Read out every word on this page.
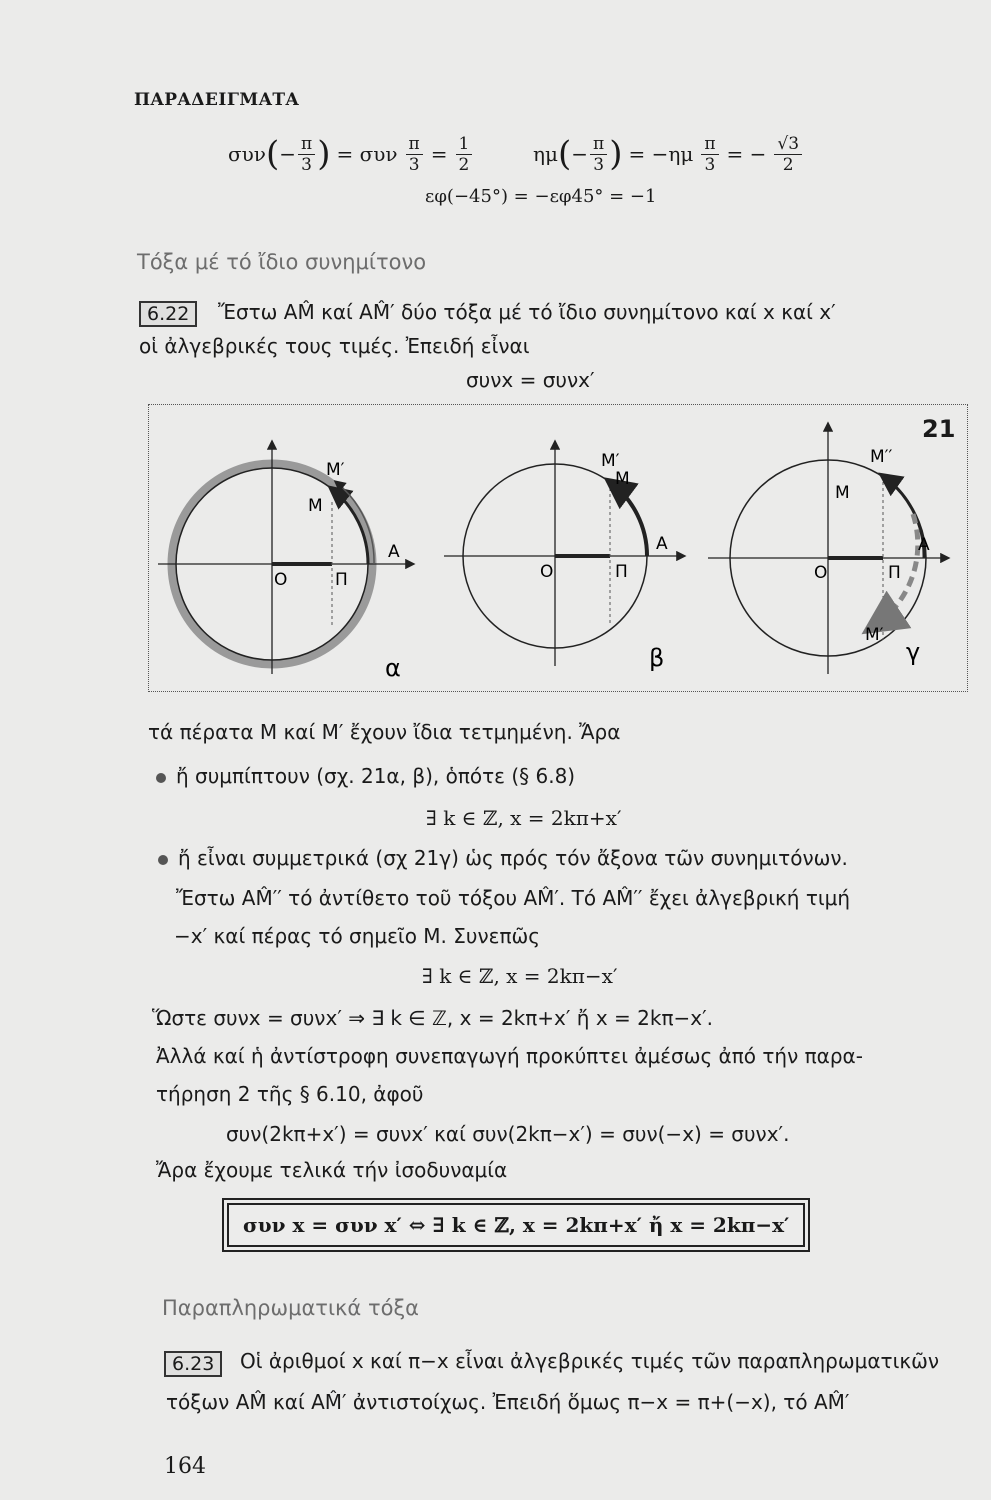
ΠΑΡΑΔΕΙΓΜΑΤΑ
συν ( − $\frac{\pi}{3}$ ) = συν $\frac{\pi}{3} = \frac{1}{2}$	ημ ( − $\frac{\pi}{3}$ ) = $-\eta\mu \frac{\pi}{3}$ = − $\frac{√3}{2}$
εφ(−45°) = −εφ45° = −1
Τόξα μέ τό ἴδιο συνημίτονο
6.22	Ἔστω AM̂ καί AM̂′ δύο τόξα μέ τό ἴδιο συνημίτονο καί x καί x′
οἱ ἀλγεβρικές τους τιμές. Ἐπειδή εἶναι
συνx = συνx′
21
O	Π
A
M
M′
α
O	Π
A
M′
M
β
O	Π
A
M
M′′
M′
γ
τά πέρατα M καί M′ ἔχουν ἴδια τετμημένη. Ἄρα
ἤ συμπίπτουν (σχ. 21α, β), ὁπότε (§ 6.8)
∃ k ∈ ℤ, x = 2kπ+x′
ἤ εἶναι συμμετρικά (σχ 21γ) ὡς πρός τόν ἄξονα τῶν συνημιτόνων.
Ἔστω AM̂′′ τό ἀντίθετο τοῦ τόξου AM̂′. Τό AM̂′′ ἔχει ἀλγεβρική τιμή
−x′ καί πέρας τό σημεῖο M. Συνεπῶς
∃ k ∈ ℤ, x = 2kπ−x′
Ὥστε συνx = συνx′ ⇒ ∃ k ∈ ℤ, x = 2kπ+x′ ἤ x = 2kπ−x′.
Ἀλλά καί ἡ ἀντίστροφη συνεπαγωγή προκύπτει ἀμέσως ἀπό τήν παρα-
τήρηση 2 τῆς § 6.10, ἀφοῦ
συν(2kπ+x′) = συνx′ καί συν(2kπ−x′) = συν(−x) = συνx′.
Ἄρα ἔχουμε τελικά τήν ἰσοδυναμία
συν x = συν x′ ⇔ ∃ k ∈ ℤ, x = 2kπ+x′ ἤ x = 2kπ−x′
Παραπληρωματικά τόξα
6.23	Οἱ ἀριθμοί x καί π−x εἶναι ἀλγεβρικές τιμές τῶν παραπληρωματικῶν
τόξων AM̂ καί AM̂′ ἀντιστοίχως. Ἐπειδή ὅμως π−x = π+(−x), τό AM̂′
164
